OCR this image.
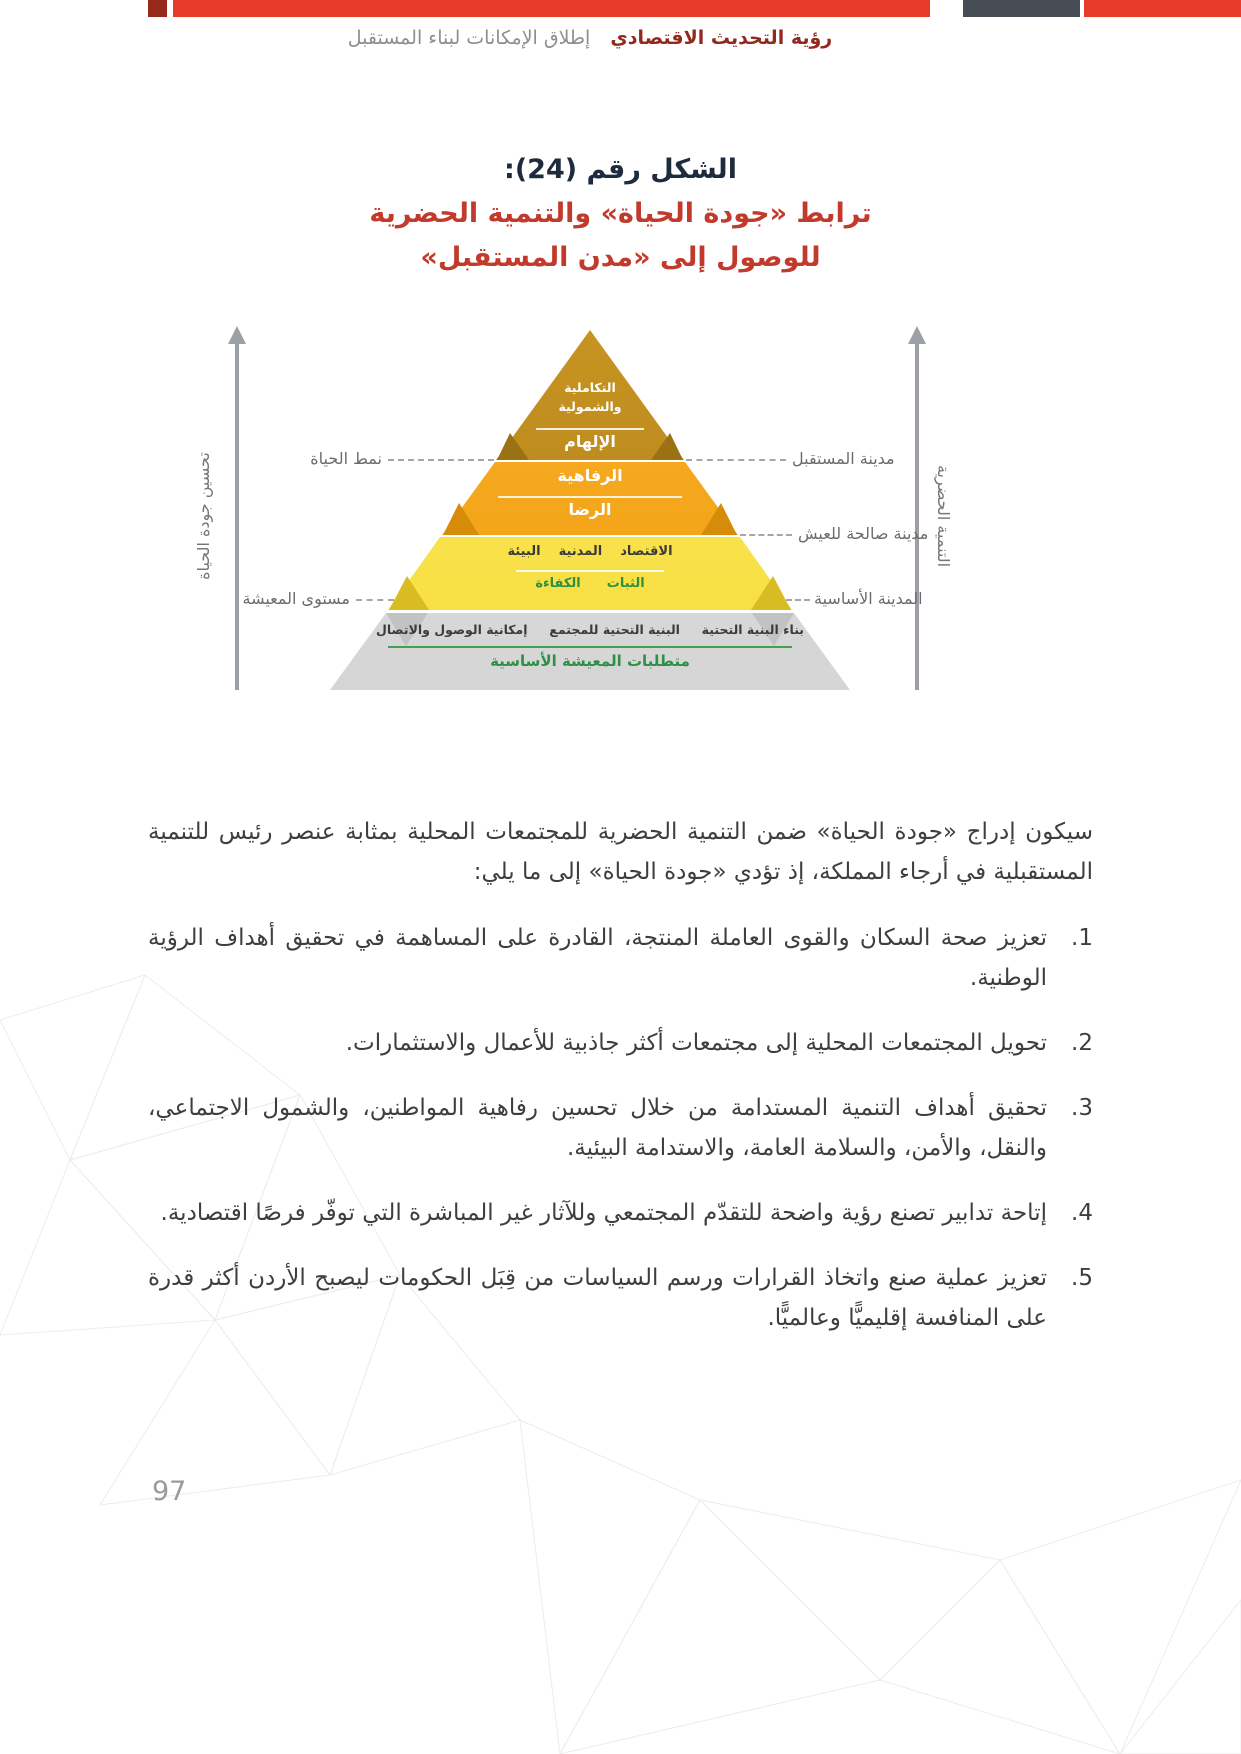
رؤية التحديث الاقتصادي إطلاق الإمكانات لبناء المستقبل
الشكل رقم (24):
ترابط «جودة الحياة» والتنمية الحضرية
للوصول إلى «مدن المستقبل»
تحسين جودة الحياة	التنمية الحضرية
التكاملية
والشمولية
الإلهام
الرفاهية
الرضا
الاقتصاد
المدنية
البيئة
الثبات
الكفاءة
بناء البنية التحتية
البنية التحتية للمجتمع
إمكانية الوصول والاتصال
متطلبات المعيشة الأساسية
نمط الحياة
مستوى المعيشة
مدينة المستقبل
مدينة صالحة للعيش
المدينة الأساسية

سيكون إدراج «جودة الحياة» ضمن التنمية الحضرية للمجتمعات المحلية بمثابة عنصر رئيس للتنمية المستقبلية في أرجاء المملكة، إذ تؤدي «جودة الحياة» إلى ما يلي:

1.
تعزيز صحة السكان والقوى العاملة المنتجة، القادرة على المساهمة في تحقيق أهداف الرؤية الوطنية.
2.
تحويل المجتمعات المحلية إلى مجتمعات أكثر جاذبية للأعمال والاستثمارات.
3.
تحقيق أهداف التنمية المستدامة من خلال تحسين رفاهية المواطنين، والشمول الاجتماعي، والنقل، والأمن، والسلامة العامة، والاستدامة البيئية.
4.
إتاحة تدابير تصنع رؤية واضحة للتقدّم المجتمعي وللآثار غير المباشرة التي توفّر فرصًا اقتصادية.
5.
تعزيز عملية صنع واتخاذ القرارات ورسم السياسات من قِبَل الحكومات ليصبح الأردن أكثر قدرة على المنافسة إقليميًّا وعالميًّا.
97
